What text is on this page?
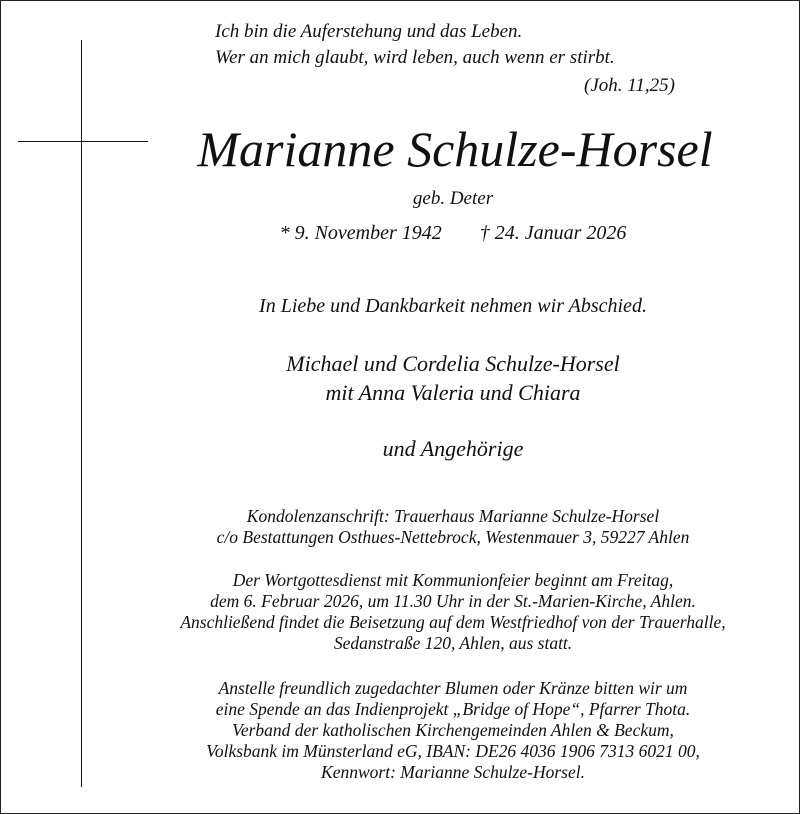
Ich bin die Auferstehung und das Leben.
Wer an mich glaubt, wird leben, auch wenn er stirbt.
(Joh. 11,25)
Marianne Schulze-Horsel
geb. Deter
* 9. November 1942 † 24. Januar 2026
In Liebe und Dankbarkeit nehmen wir Abschied.
Michael und Cordelia Schulze-Horsel
mit Anna Valeria und Chiara
und Angehörige
Kondolenzanschrift: Trauerhaus Marianne Schulze-Horsel
c/o Bestattungen Osthues-Nettebrock, Westenmauer 3, 59227 Ahlen
Der Wortgottesdienst mit Kommunionfeier beginnt am Freitag,
dem 6. Februar 2026, um 11.30 Uhr in der St.-Marien-Kirche, Ahlen.
Anschließend findet die Beisetzung auf dem Westfriedhof von der Trauerhalle,
Sedanstraße 120, Ahlen, aus statt.
Anstelle freundlich zugedachter Blumen oder Kränze bitten wir um
eine Spende an das Indienprojekt „Bridge of Hope“, Pfarrer Thota.
Verband der katholischen Kirchengemeinden Ahlen & Beckum,
Volksbank im Münsterland eG, IBAN: DE26 4036 1906 7313 6021 00,
Kennwort: Marianne Schulze-Horsel.
